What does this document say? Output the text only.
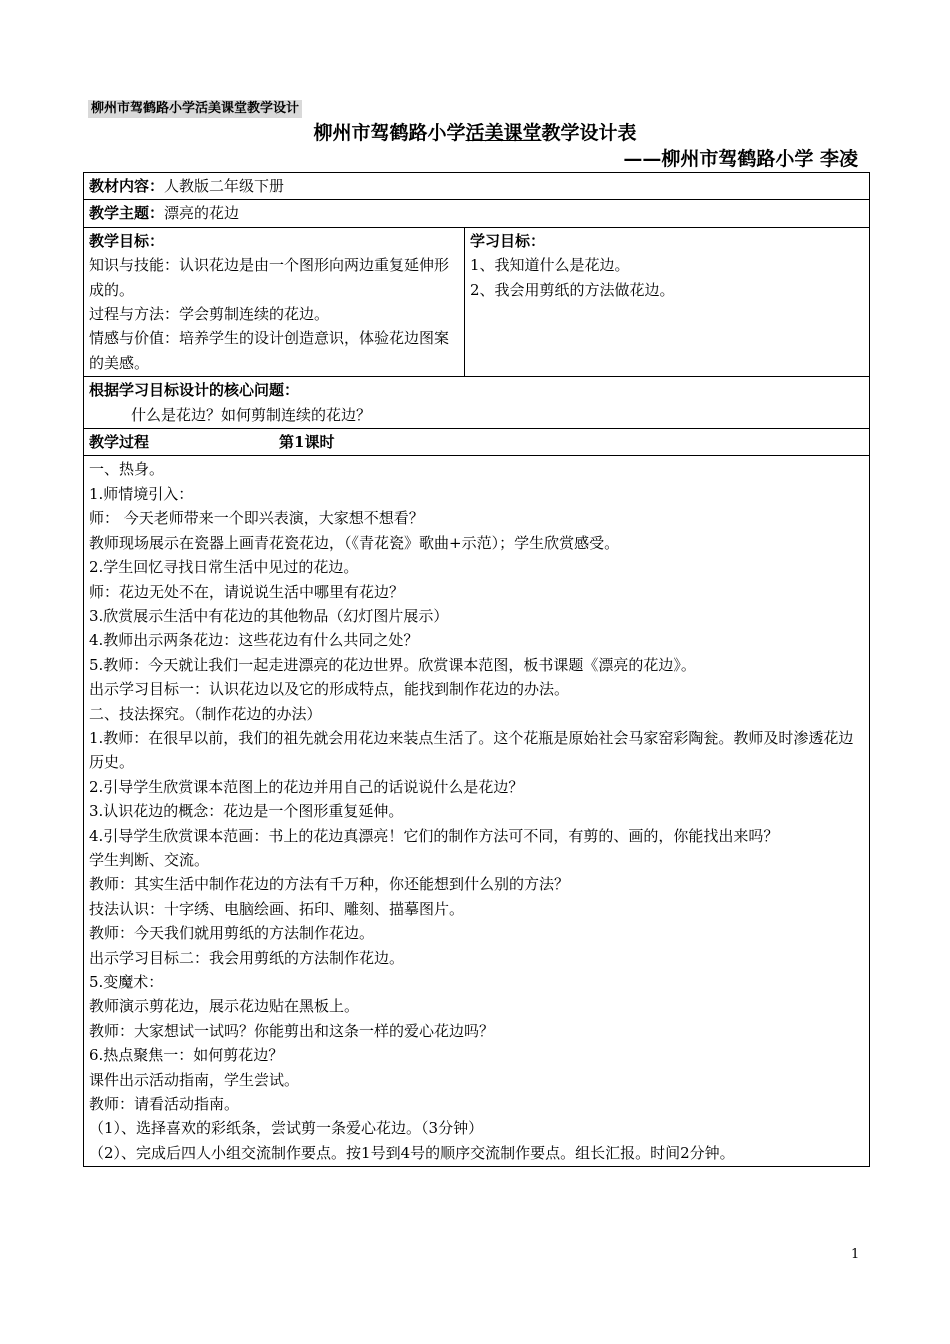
柳州市驾鹤路小学活美课堂教学设计
柳州市驾鹤路小学活美课堂教学设计表
——柳州市驾鹤路小学 李凌
教材内容：人教版二年级下册
教学主题：漂亮的花边

教学目标：
知识与技能：认识花边是由一个图形向两边重复延伸形成的。
过程与方法：学会剪制连续的花边。
情感与价值：培养学生的设计创造意识，体验花边图案的美感。

学习目标：
1、我知道什么是花边。
2、我会用剪纸的方法做花边。

根据学习目标设计的核心问题：
什么是花边？如何剪制连续的花边？

教学过程	第1课时

一、热身。
1.师情境引入：
师： 今天老师带来一个即兴表演，大家想不想看？
教师现场展示在瓷器上画青花瓷花边，（《青花瓷》歌曲+示范）；学生欣赏感受。
2.学生回忆寻找日常生活中见过的花边。
师：花边无处不在，请说说生活中哪里有花边？
3.欣赏展示生活中有花边的其他物品（幻灯图片展示）
4.教师出示两条花边：这些花边有什么共同之处？
5.教师：今天就让我们一起走进漂亮的花边世界。欣赏课本范图，板书课题《漂亮的花边》。
出示学习目标一：认识花边以及它的形成特点，能找到制作花边的办法。
二、技法探究。（制作花边的办法）
1.教师：在很早以前，我们的祖先就会用花边来装点生活了。这个花瓶是原始社会马家窑彩陶瓮。教师及时渗透花边历史。
2.引导学生欣赏课本范图上的花边并用自己的话说说什么是花边？
3.认识花边的概念：花边是一个图形重复延伸。
4.引导学生欣赏课本范画：书上的花边真漂亮！它们的制作方法可不同，有剪的、画的，你能找出来吗？
学生判断、交流。
教师：其实生活中制作花边的方法有千万种，你还能想到什么别的方法？
技法认识：十字绣、电脑绘画、拓印、雕刻、描摹图片。
教师：今天我们就用剪纸的方法制作花边。
出示学习目标二：我会用剪纸的方法制作花边。
5.变魔术：
教师演示剪花边，展示花边贴在黑板上。
教师：大家想试一试吗？你能剪出和这条一样的爱心花边吗？
6.热点聚焦一：如何剪花边？
课件出示活动指南，学生尝试。
教师：请看活动指南。
（1）、选择喜欢的彩纸条，尝试剪一条爱心花边。（3分钟）
（2）、完成后四人小组交流制作要点。按1号到4号的顺序交流制作要点。组长汇报。时间2分钟。
1
